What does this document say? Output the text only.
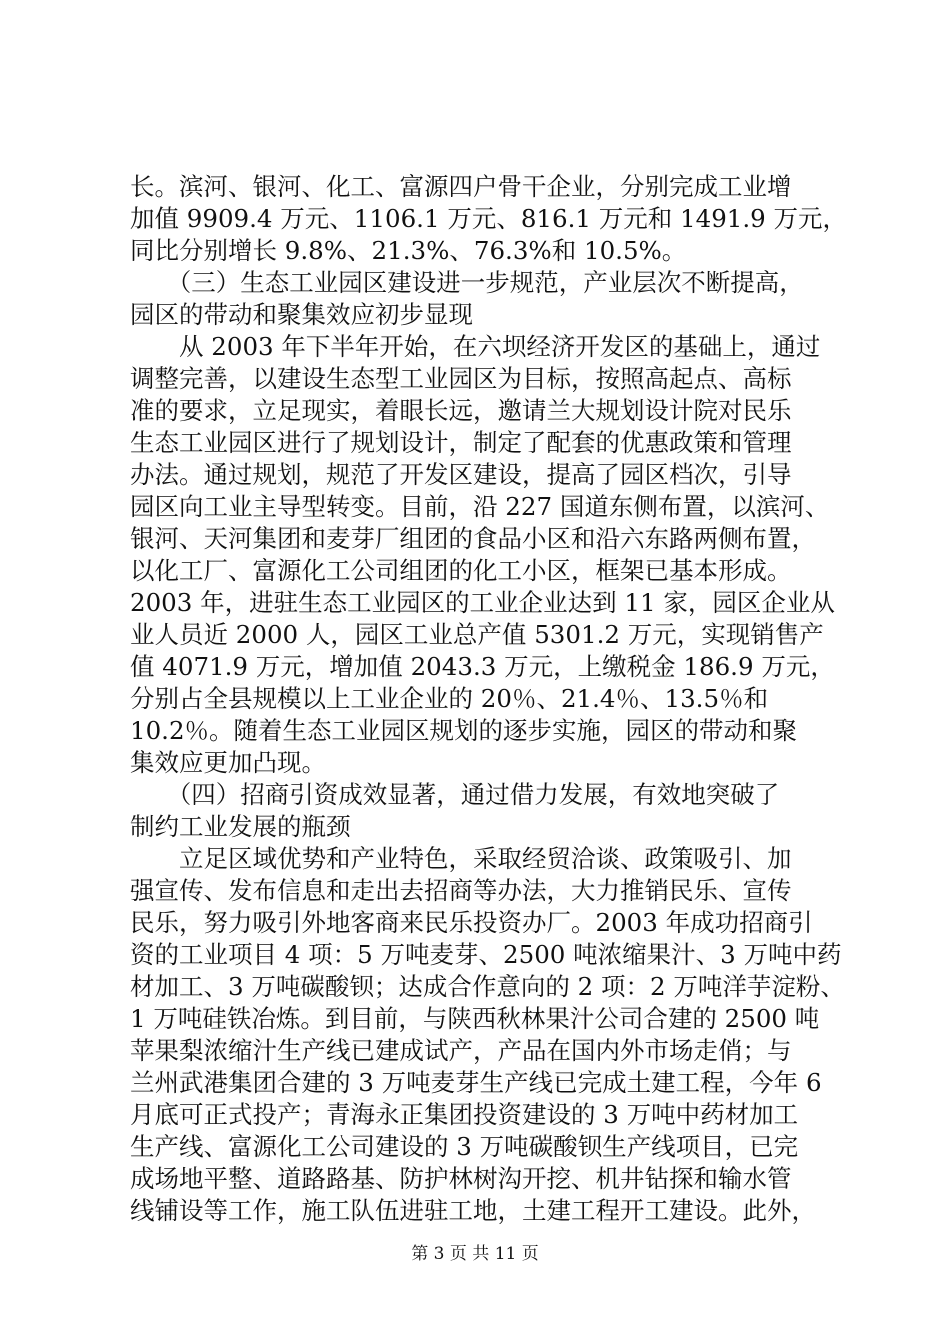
长。滨河、银河、化工、富源四户骨干企业，分别完成工业增
加值 9909.4 万元、1106.1 万元、816.1 万元和 1491.9 万元，
同比分别增长 9.8%、21.3%、76.3%和 10.5%。
　　（三）生态工业园区建设进一步规范，产业层次不断提高，
园区的带动和聚集效应初步显现
　　从 2003 年下半年开始，在六坝经济开发区的基础上，通过
调整完善，以建设生态型工业园区为目标，按照高起点、高标
准的要求，立足现实，着眼长远，邀请兰大规划设计院对民乐
生态工业园区进行了规划设计，制定了配套的优惠政策和管理
办法。通过规划，规范了开发区建设，提高了园区档次，引导
园区向工业主导型转变。目前，沿 227 国道东侧布置，以滨河、
银河、天河集团和麦芽厂组团的食品小区和沿六东路两侧布置，
以化工厂、富源化工公司组团的化工小区，框架已基本形成。
2003 年，进驻生态工业园区的工业企业达到 11 家，园区企业从
业人员近 2000 人，园区工业总产值 5301.2 万元，实现销售产
值 4071.9 万元，增加值 2043.3 万元，上缴税金 186.9 万元，
分别占全县规模以上工业企业的 20％、21.4％、13.5％和
10.2％。随着生态工业园区规划的逐步实施，园区的带动和聚
集效应更加凸现。
　　（四）招商引资成效显著，通过借力发展，有效地突破了
制约工业发展的瓶颈
　　立足区域优势和产业特色，采取经贸洽谈、政策吸引、加
强宣传、发布信息和走出去招商等办法，大力推销民乐、宣传
民乐，努力吸引外地客商来民乐投资办厂。2003 年成功招商引
资的工业项目 4 项：5 万吨麦芽、2500 吨浓缩果汁、3 万吨中药
材加工、3 万吨碳酸钡；达成合作意向的 2 项：2 万吨洋芋淀粉、
1 万吨硅铁冶炼。到目前，与陕西秋林果汁公司合建的 2500 吨
苹果梨浓缩汁生产线已建成试产，产品在国内外市场走俏；与
兰州武港集团合建的 3 万吨麦芽生产线已完成土建工程，今年 6
月底可正式投产；青海永正集团投资建设的 3 万吨中药材加工
生产线、富源化工公司建设的 3 万吨碳酸钡生产线项目，已完
成场地平整、道路路基、防护林树沟开挖、机井钻探和输水管
线铺设等工作，施工队伍进驻工地，土建工程开工建设。此外，
第 3 页 共 11 页
